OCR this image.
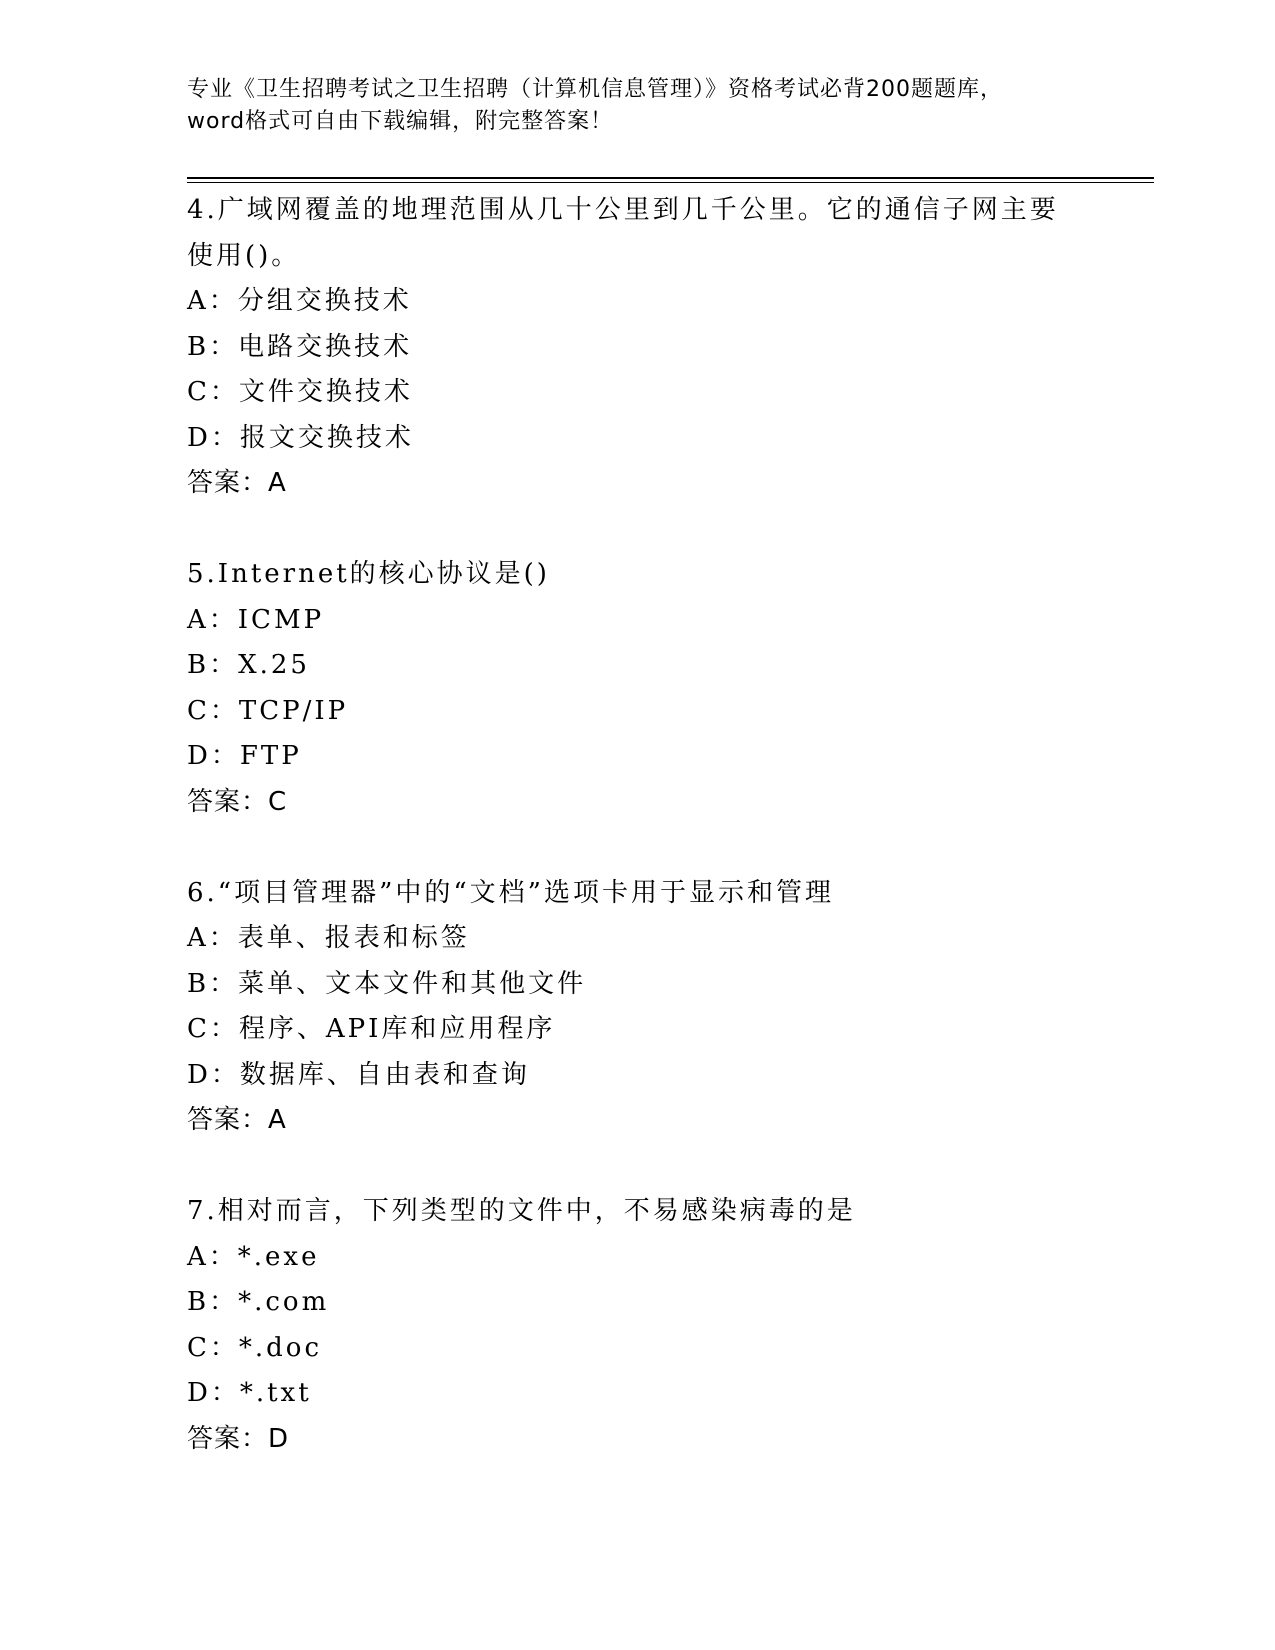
专业《卫生招聘考试之卫生招聘（计算机信息管理）》资格考试必背200题题库，
word格式可自由下载编辑，附完整答案！
4.广域网覆盖的地理范围从几十公里到几千公里。它的通信子网主要
使用()。
A：分组交换技术
B：电路交换技术
C：文件交换技术
D：报文交换技术
答案：A
5.Internet的核心协议是()
A：ICMP
B：X.25
C：TCP/IP
D：FTP
答案：C
6.“项目管理器”中的“文档”选项卡用于显示和管理
A：表单、报表和标签
B：菜单、文本文件和其他文件
C：程序、API库和应用程序
D：数据库、自由表和查询
答案：A
7.相对而言，下列类型的文件中，不易感染病毒的是
A：*.exe
B：*.com
C：*.doc
D：*.txt
答案：D
